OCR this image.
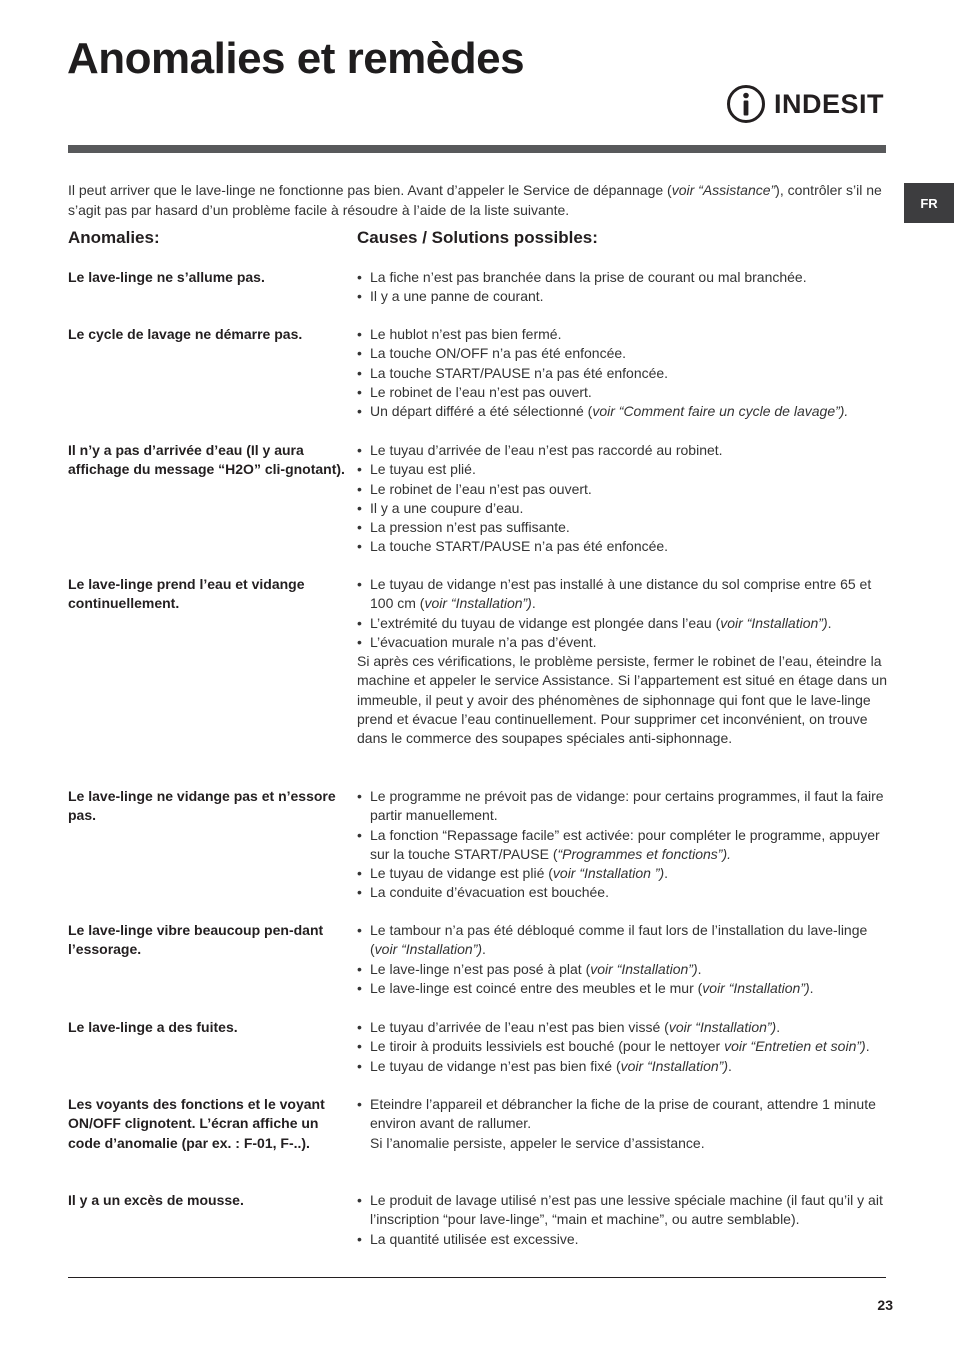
Anomalies et remèdes
INDESIT
FR

Il peut arriver que le lave-linge ne fonctionne pas bien. Avant d’appeler le Service de dépannage (voir “Assistance”), contrôler s’il ne s’agit pas par hasard d’un problème facile à résoudre à l’aide de la liste suivante.

Anomalies:	Causes / Solutions possibles:
Le lave-linge ne s’allume pas.	• La fiche n’est pas branchée dans la prise de courant ou mal branchée.
• Il y a une panne de courant.
Le cycle de lavage ne démarre pas.	• Le hublot n’est pas bien fermé.
• La touche ON/OFF n’a pas été enfoncée.
• La touche START/PAUSE n’a pas été enfoncée.
• Le robinet de l’eau n’est pas ouvert.
• Un départ différé a été sélectionné (voir “Comment faire un cycle de lavage”).
Il n’y a pas d’arrivée d’eau (Il y aura affichage du message “H2O” cli-gnotant).
• Le tuyau d’arrivée de l’eau n’est pas raccordé au robinet.
• Le tuyau est plié.
• Le robinet de l’eau n’est pas ouvert.
• Il y a une coupure d’eau.
• La pression n’est pas suffisante.
• La touche START/PAUSE n’a pas été enfoncée.
Le lave-linge prend l’eau et vidange continuellement.
• Le tuyau de vidange n’est pas installé à une distance du sol comprise entre 65 et 100 cm (voir “Installation”).
• L’extrémité du tuyau de vidange est plongée dans l’eau (voir “Installation”).
• L’évacuation murale n’a pas d’évent.

Si après ces vérifications, le problème persiste, fermer le robinet de l’eau, éteindre la machine et appeler le service Assistance. Si l’appartement est situé en étage dans un immeuble, il peut y avoir des phénomènes de siphonnage qui font que le lave-linge prend et évacue l’eau continuellement. Pour supprimer cet inconvénient, on trouve dans le commerce des soupapes spéciales anti-siphonnage.

Le lave-linge ne vidange pas et n’essore pas.
• Le programme ne prévoit pas de vidange: pour certains programmes, il faut la faire partir manuellement.
• La fonction “Repassage facile” est activée: pour compléter le programme, appuyer sur la touche START/PAUSE (“Programmes et fonctions”).
• Le tuyau de vidange est plié (voir “Installation ”).
• La conduite d’évacuation est bouchée.
Le lave-linge vibre beaucoup pen-dant l’essorage.
• Le tambour n’a pas été débloqué comme il faut lors de l’installation du lave-linge (voir “Installation”).
• Le lave-linge n’est pas posé à plat (voir “Installation”).
• Le lave-linge est coincé entre des meubles et le mur (voir “Installation”).
Le lave-linge a des fuites.	• Le tuyau d’arrivée de l’eau n’est pas bien vissé (voir “Installation”).
• Le tiroir à produits lessiviels est bouché (pour le nettoyer voir “Entretien et soin”).
• Le tuyau de vidange n’est pas bien fixé (voir “Installation”).
Les voyants des fonctions et le voyant ON/OFF clignotent. L’écran affiche un code d’anomalie (par ex. : F-01, F-..).
• Eteindre l’appareil et débrancher la fiche de la prise de courant, attendre 1 minute environ avant de rallumer.

Si l’anomalie persiste, appeler le service d’assistance.

Il y a un excès de mousse.	• Le produit de lavage utilisé n’est pas une lessive spéciale machine (il faut qu’il y ait l’inscription “pour lave-linge”, “main et machine”, ou autre semblable).
• La quantité utilisée est excessive.
23
